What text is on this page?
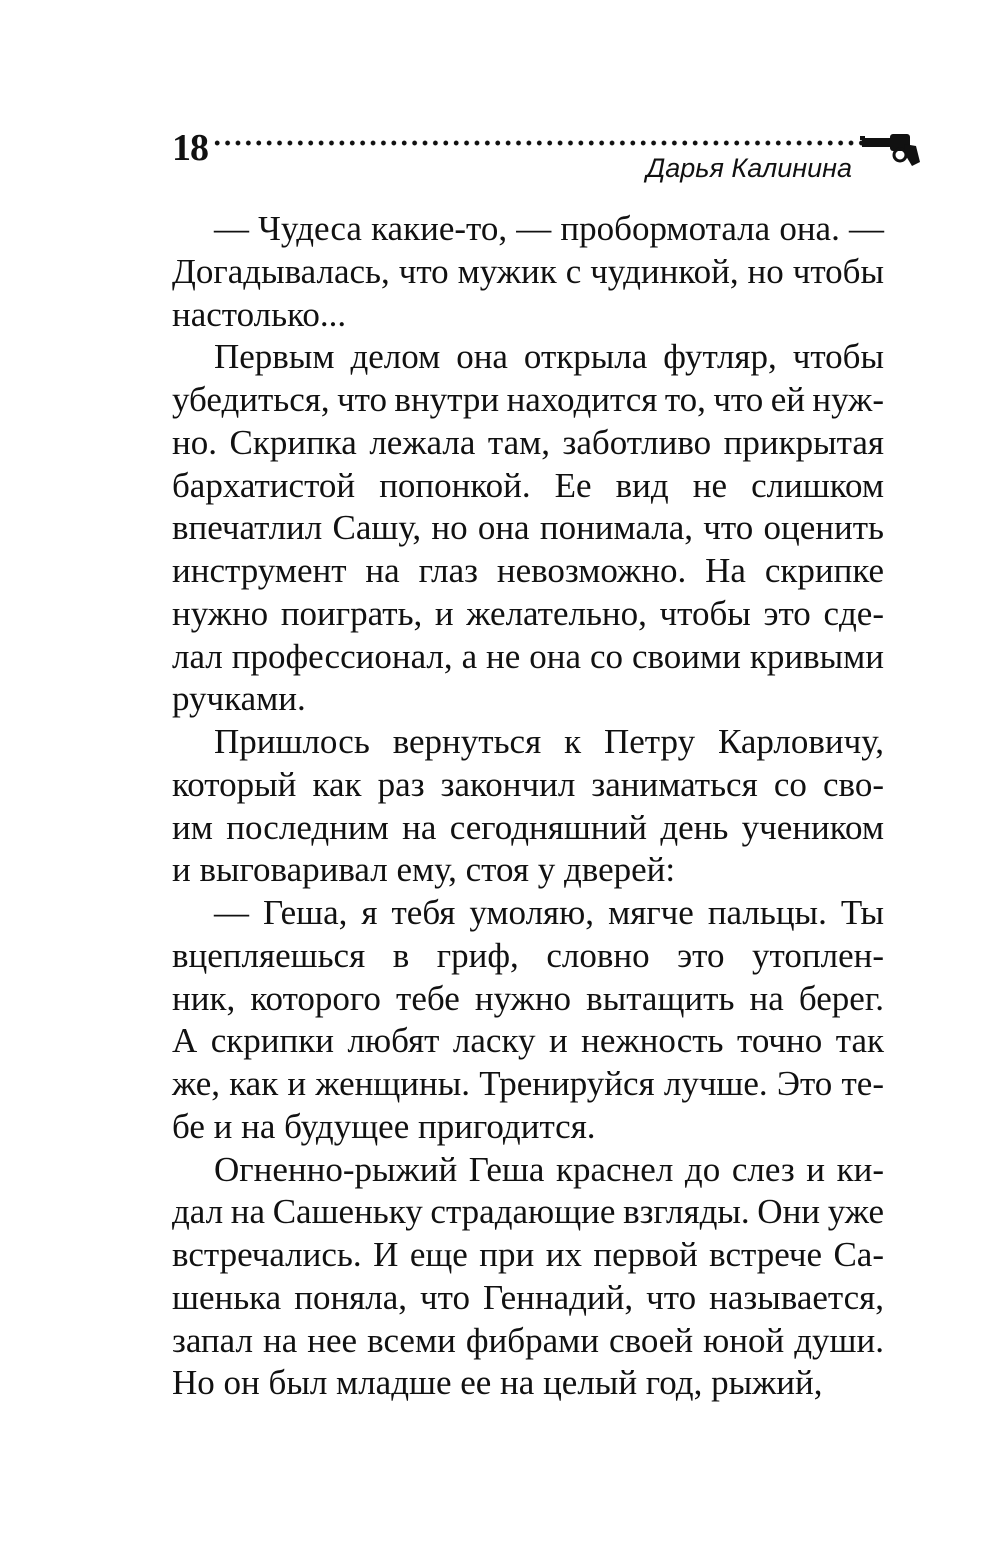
18	Дарья Калинина

— Чудеса какие-то, — пробормотала она. —
Догадывалась, что мужик с чудинкой, но чтобы
настолько...

Первым делом она открыла футляр, чтобы
убедиться, что внутри находится то, что ей нуж-
но. Скрипка лежала там, заботливо прикрытая
бархатистой попонкой. Ее вид не слишком
впечатлил Сашу, но она понимала, что оценить
инструмент на глаз невозможно. На скрипке
нужно поиграть, и желательно, чтобы это сде-
лал профессионал, а не она со своими кривыми
ручками.

Пришлось вернуться к Петру Карловичу,
который как раз закончил заниматься со сво-
им последним на сегодняшний день учеником
и выговаривал ему, стоя у дверей:

— Геша, я тебя умоляю, мягче пальцы. Ты
вцепляешься в гриф, словно это утоплен-
ник, которого тебе нужно вытащить на берег.
А скрипки любят ласку и нежность точно так
же, как и женщины. Тренируйся лучше. Это те-
бе и на будущее пригодится.

Огненно-рыжий Геша краснел до слез и ки-
дал на Сашеньку страдающие взгляды. Они уже
встречались. И еще при их первой встрече Са-
шенька поняла, что Геннадий, что называется,
запал на нее всеми фибрами своей юной души.
Но он был младше ее на целый год, рыжий,
